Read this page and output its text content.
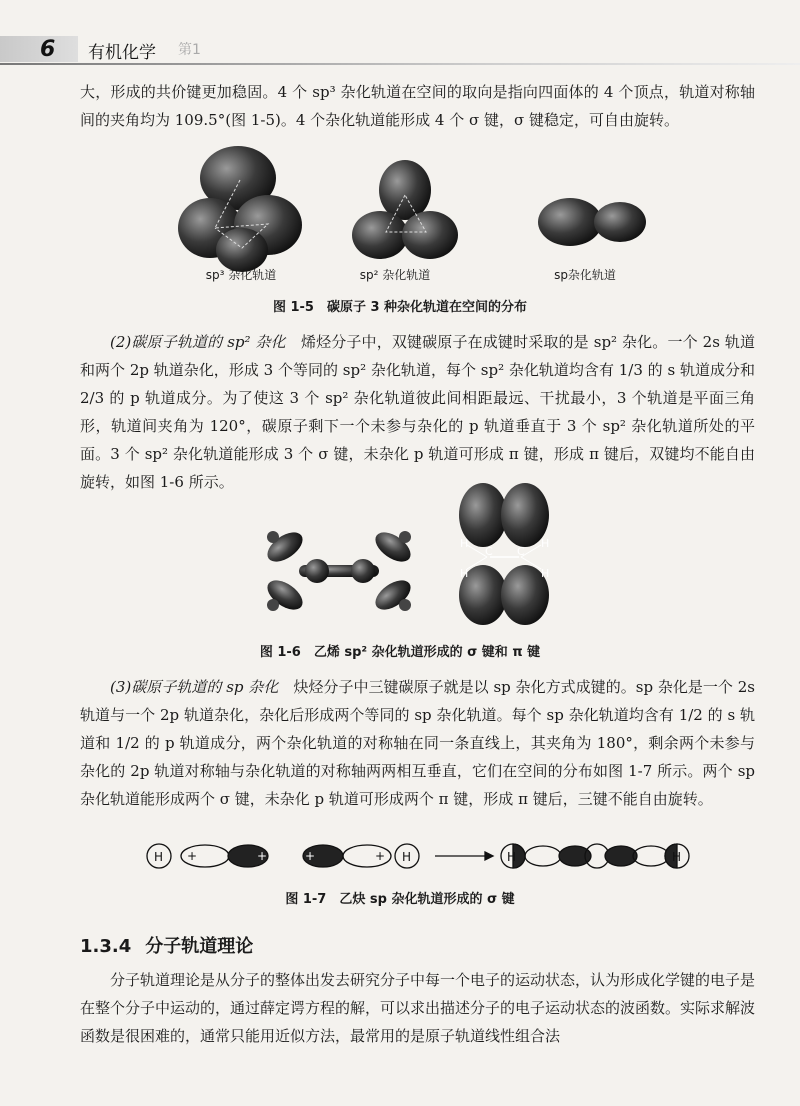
6 有机化学 第1
大，形成的共价键更加稳固。4 个 sp³ 杂化轨道在空间的取向是指向四面体的 4 个顶点，轨道对称轴间的夹角均为 109.5°(图 1-5)。4 个杂化轨道能形成 4 个 σ 键，σ 键稳定，可自由旋转。
sp³ 杂化轨道	sp² 杂化轨道	sp杂化轨道
图 1-5　碳原子 3 种杂化轨道在空间的分布
(2)碳原子轨道的 sp² 杂化　 烯烃分子中，双键碳原子在成键时采取的是 sp² 杂化。一个 2s 轨道和两个 2p 轨道杂化，形成 3 个等同的 sp² 杂化轨道，每个 sp² 杂化轨道均含有 1/3 的 s 轨道成分和 2/3 的 p 轨道成分。为了使这 3 个 sp² 杂化轨道彼此间相距最远、干扰最小，3 个轨道是平面三角形，轨道间夹角为 120°，碳原子剩下一个未参与杂化的 p 轨道垂直于 3 个 sp² 杂化轨道所处的平面。3 个 sp² 杂化轨道能形成 3 个 σ 键，未杂化 p 轨道可形成 π 键，形成 π 键后，双键均不能自由旋转，如图 1-6 所示。
H
C C
H
H	H
图 1-6　乙烯 sp² 杂化轨道形成的 σ 键和 π 键
(3)碳原子轨道的 sp 杂化　 炔烃分子中三键碳原子就是以 sp 杂化方式成键的。sp 杂化是一个 2s 轨道与一个 2p 轨道杂化，杂化后形成两个等同的 sp 杂化轨道。每个 sp 杂化轨道均含有 1/2 的 s 轨道和 1/2 的 p 轨道成分，两个杂化轨道的对称轴在同一条直线上，其夹角为 180°，剩余两个未参与杂化的 2p 轨道对称轴与杂化轨道的对称轴两两相互垂直，它们在空间的分布如图 1-7 所示。两个 sp 杂化轨道能形成两个 σ 键，未杂化 p 轨道可形成两个 π 键，形成 π 键后，三键不能自由旋转。
H +	+	+	+ H	H	H
图 1-7　乙炔 sp 杂化轨道形成的 σ 键
1.3.4 分子轨道理论
分子轨道理论是从分子的整体出发去研究分子中每一个电子的运动状态，认为形成化学键的电子是在整个分子中运动的，通过薛定谔方程的解，可以求出描述分子的电子运动状态的波函数。实际求解波函数是很困难的，通常只能用近似方法，最常用的是原子轨道线性组合法
